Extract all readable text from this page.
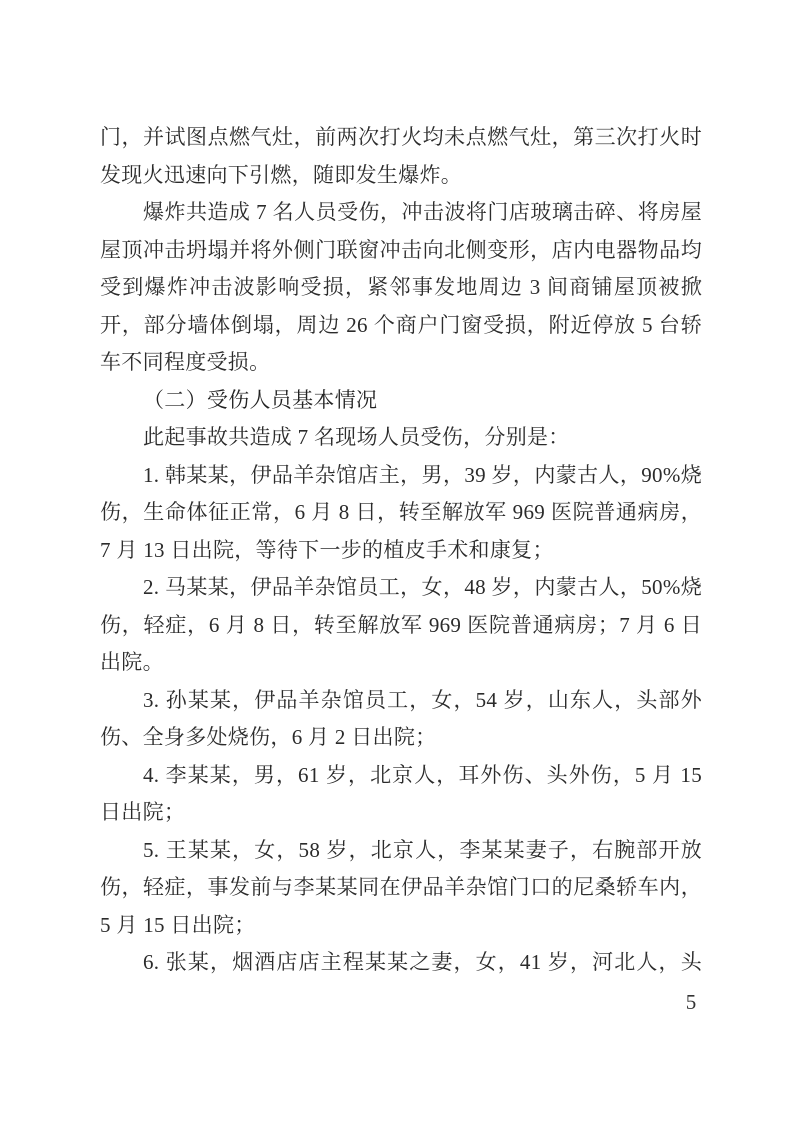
门，并试图点燃气灶，前两次打火均未点燃气灶，第三次打火时
发现火迅速向下引燃，随即发生爆炸。
爆炸共造成 7 名人员受伤，冲击波将门店玻璃击碎、将房屋
屋顶冲击坍塌并将外侧门联窗冲击向北侧变形，店内电器物品均
受到爆炸冲击波影响受损，紧邻事发地周边 3 间商铺屋顶被掀
开，部分墙体倒塌，周边 26 个商户门窗受损，附近停放 5 台轿
车不同程度受损。
（二）受伤人员基本情况
此起事故共造成 7 名现场人员受伤，分别是：
1. 韩某某，伊品羊杂馆店主，男，39 岁，内蒙古人，90%烧
伤，生命体征正常，6 月 8 日，转至解放军 969 医院普通病房，
7 月 13 日出院，等待下一步的植皮手术和康复；
2. 马某某，伊品羊杂馆员工，女，48 岁，内蒙古人，50%烧
伤，轻症，6 月 8 日，转至解放军 969 医院普通病房；7 月 6 日
出院。
3. 孙某某，伊品羊杂馆员工，女，54 岁，山东人，头部外
伤、全身多处烧伤，6 月 2 日出院；
4. 李某某，男，61 岁，北京人，耳外伤、头外伤，5 月 15
日出院；
5. 王某某，女，58 岁，北京人，李某某妻子，右腕部开放
伤，轻症，事发前与李某某同在伊品羊杂馆门口的尼桑轿车内，
5 月 15 日出院；
6. 张某，烟酒店店主程某某之妻，女，41 岁，河北人，头
5
